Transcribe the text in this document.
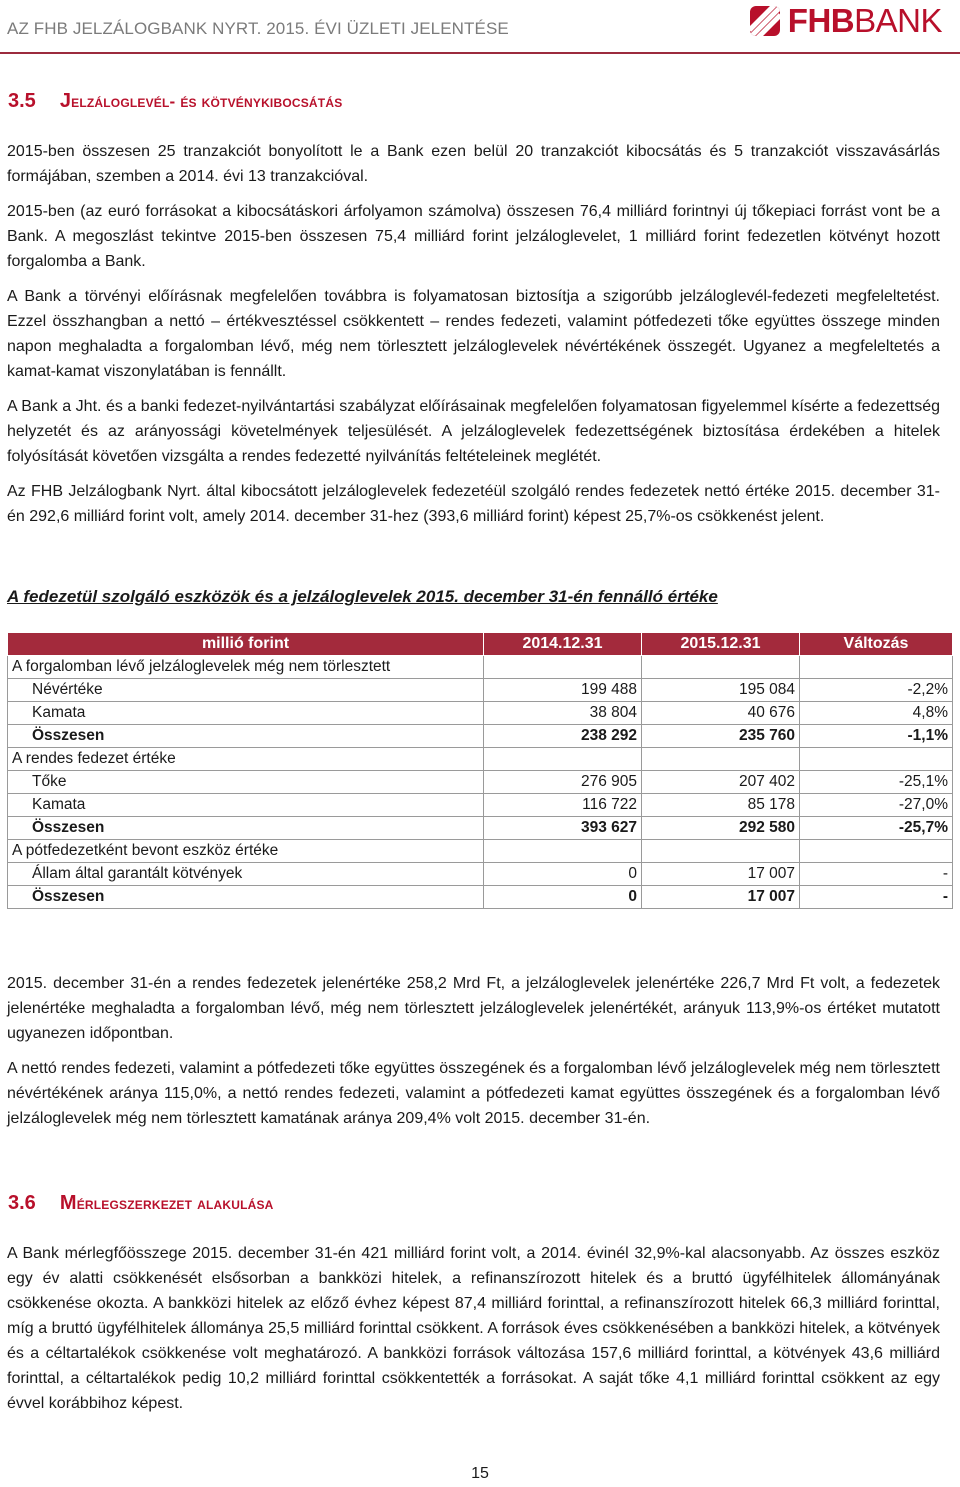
AZ FHB JELZÁLOGBANK NYRT. 2015. ÉVI ÜZLETI JELENTÉSE	FHBBANK
3.5 Jelzáloglevél- és kötvénykibocsátás
2015-ben összesen 25 tranzakciót bonyolított le a Bank ezen belül 20 tranzakciót kibocsátás és 5 tranzakciót visszavásárlás formájában, szemben a 2014. évi 13 tranzakcióval.
2015-ben (az euró forrásokat a kibocsátáskori árfolyamon számolva) összesen 76,4 milliárd forintnyi új tőkepiaci forrást vont be a Bank. A megoszlást tekintve 2015-ben összesen 75,4 milliárd forint jelzáloglevelet, 1 milliárd forint fedezetlen kötvényt hozott forgalomba a Bank.
A Bank a törvényi előírásnak megfelelően továbbra is folyamatosan biztosítja a szigorúbb jelzáloglevél-fedezeti megfeleltetést. Ezzel összhangban a nettó – értékvesztéssel csökkentett – rendes fedezeti, valamint pótfedezeti tőke együttes összege minden napon meghaladta a forgalomban lévő, még nem törlesztett jelzáloglevelek névértékének összegét. Ugyanez a megfeleltetés a kamat-kamat viszonylatában is fennállt.
A Bank a Jht. és a banki fedezet-nyilvántartási szabályzat előírásainak megfelelően folyamatosan figyelemmel kísérte a fedezettség helyzetét és az arányossági követelmények teljesülését. A jelzáloglevelek fedezettségének biztosítása érdekében a hitelek folyósítását követően vizsgálta a rendes fedezetté nyilvánítás feltételeinek meglétét.
Az FHB Jelzálogbank Nyrt. által kibocsátott jelzáloglevelek fedezetéül szolgáló rendes fedezetek nettó értéke 2015. december 31-én 292,6 milliárd forint volt, amely 2014. december 31-hez (393,6 milliárd forint) képest 25,7%-os csökkenést jelent.
A fedezetül szolgáló eszközök és a jelzáloglevelek 2015. december 31-én fennálló értéke
millió forint	2014.12.31	2015.12.31	Változás
A forgalomban lévő jelzáloglevelek még nem törlesztett			
Névértéke	199 488	195 084	-2,2%
Kamata	38 804	40 676	4,8%
Összesen	238 292	235 760	-1,1%
A rendes fedezet értéke			
Tőke	276 905	207 402	-25,1%
Kamata	116 722	85 178	-27,0%
Összesen	393 627	292 580	-25,7%
A pótfedezetként bevont eszköz értéke			
Állam által garantált kötvények	0	17 007	-
Összesen	0	17 007	-
2015. december 31-én a rendes fedezetek jelenértéke 258,2 Mrd Ft, a jelzáloglevelek jelenértéke 226,7 Mrd Ft volt, a fedezetek jelenértéke meghaladta a forgalomban lévő, még nem törlesztett jelzáloglevelek jelenértékét, arányuk 113,9%-os értéket mutatott ugyanezen időpontban.
A nettó rendes fedezeti, valamint a pótfedezeti tőke együttes összegének és a forgalomban lévő jelzáloglevelek még nem törlesztett névértékének aránya 115,0%, a nettó rendes fedezeti, valamint a pótfedezeti kamat együttes összegének és a forgalomban lévő jelzáloglevelek még nem törlesztett kamatának aránya 209,4% volt 2015. december 31-én.
3.6 Mérlegszerkezet alakulása
A Bank mérlegfőösszege 2015. december 31-én 421 milliárd forint volt, a 2014. évinél 32,9%-kal alacsonyabb. Az összes eszköz egy év alatti csökkenését elsősorban a bankközi hitelek, a refinanszírozott hitelek és a bruttó ügyfélhitelek állományának csökkenése okozta. A bankközi hitelek az előző évhez képest 87,4 milliárd forinttal, a refinanszírozott hitelek 66,3 milliárd forinttal, míg a bruttó ügyfélhitelek állománya 25,5 milliárd forinttal csökkent. A források éves csökkenésében a bankközi hitelek, a kötvények és a céltartalékok csökkenése volt meghatározó. A bankközi források változása 157,6 milliárd forinttal, a kötvények 43,6 milliárd forinttal, a céltartalékok pedig 10,2 milliárd forinttal csökkentették a forrásokat. A saját tőke 4,1 milliárd forinttal csökkent az egy évvel korábbihoz képest.
15
